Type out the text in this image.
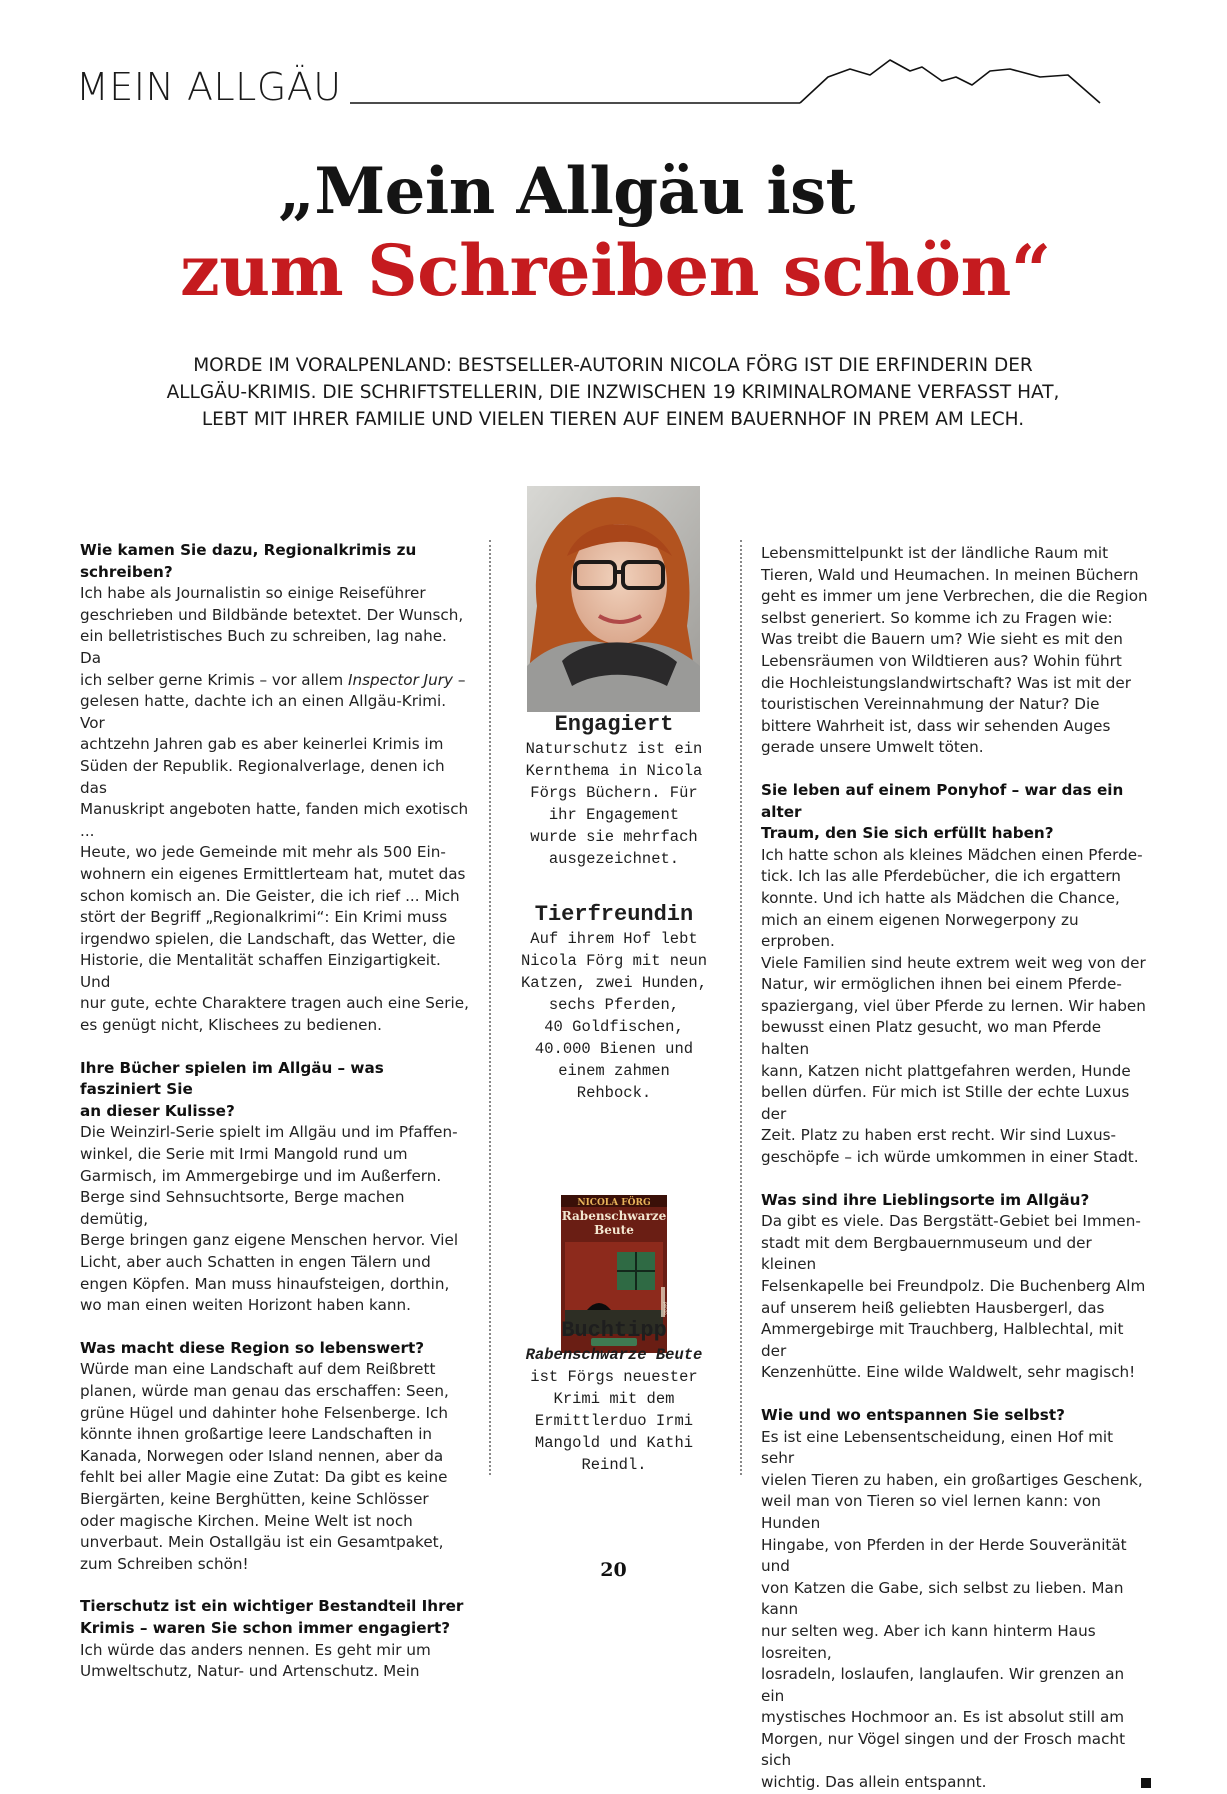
MEIN ALLGÄU
„Mein Allgäu ist
zum Schreiben schön“
MORDE IM VORALPENLAND: BESTSELLER-AUTORIN NICOLA FÖRG IST DIE ERFINDERIN DER
ALLGÄU-KRIMIS. DIE SCHRIFTSTELLERIN, DIE INZWISCHEN 19 KRIMINALROMANE VERFASST HAT,
LEBT MIT IHRER FAMILIE UND VIELEN TIEREN AUF EINEM BAUERNHOF IN PREM AM LECH.

Wie kamen Sie dazu, Regionalkrimis zu schreiben?

Ich habe als Journalistin so einige Reiseführer

geschrieben und Bildbände betextet. Der Wunsch,

ein belletristisches Buch zu schreiben, lag nahe. Da

ich selber gerne Krimis – vor allem Inspector Jury –

gelesen hatte, dachte ich an einen Allgäu-Krimi. Vor

achtzehn Jahren gab es aber keinerlei Krimis im

Süden der Republik. Regionalverlage, denen ich das

Manuskript angeboten hatte, fanden mich exotisch ...

Heute, wo jede Gemeinde mit mehr als 500 Ein-

wohnern ein eigenes Ermittlerteam hat, mutet das

schon komisch an. Die Geister, die ich rief ... Mich

stört der Begriff „Regionalkrimi“: Ein Krimi muss

irgendwo spielen, die Landschaft, das Wetter, die

Historie, die Mentalität schaffen Einzigartigkeit. Und

nur gute, echte Charaktere tragen auch eine Serie,

es genügt nicht, Klischees zu bedienen.

Ihre Bücher spielen im Allgäu – was fasziniert Sie

an dieser Kulisse?

Die Weinzirl-Serie spielt im Allgäu und im Pfaffen-

winkel, die Serie mit Irmi Mangold rund um

Garmisch, im Ammergebirge und im Außerfern.

Berge sind Sehnsuchtsorte, Berge machen demütig,

Berge bringen ganz eigene Menschen hervor. Viel

Licht, aber auch Schatten in engen Tälern und

engen Köpfen. Man muss hinaufsteigen, dorthin,

wo man einen weiten Horizont haben kann.

Was macht diese Region so lebenswert?

Würde man eine Landschaft auf dem Reißbrett

planen, würde man genau das erschaffen: Seen,

grüne Hügel und dahinter hohe Felsenberge. Ich

könnte ihnen großartige leere Landschaften in

Kanada, Norwegen oder Island nennen, aber da

fehlt bei aller Magie eine Zutat: Da gibt es keine

Biergärten, keine Berghütten, keine Schlösser

oder magische Kirchen. Meine Welt ist noch

unverbaut. Mein Ostallgäu ist ein Gesamtpaket,

zum Schreiben schön!

Tierschutz ist ein wichtiger Bestandteil Ihrer

Krimis – waren Sie schon immer engagiert?

Ich würde das anders nennen. Es geht mir um

Umweltschutz, Natur- und Artenschutz. Mein

Engagiert
Naturschutz ist ein
Kernthema in Nicola
Förgs Büchern. Für
ihr Engagement
wurde sie mehrfach
ausgezeichnet.
Tierfreundin
Auf ihrem Hof lebt
Nicola Förg mit neun
Katzen, zwei Hunden,
sechs Pferden,
40 Goldfischen,
40.000 Bienen und
einem zahmen
Rehbock.
NICOLA FÖRG
Rabenschwarze
Beute
pendo
Buchtipp
Rabenschwarze Beute
ist Förgs neuester
Krimi mit dem
Ermittlerduo Irmi
Mangold und Kathi
Reindl.

Lebensmittelpunkt ist der ländliche Raum mit

Tieren, Wald und Heumachen. In meinen Büchern

geht es immer um jene Verbrechen, die die Region

selbst generiert. So komme ich zu Fragen wie:

Was treibt die Bauern um? Wie sieht es mit den

Lebensräumen von Wildtieren aus? Wohin führt

die Hochleistungslandwirtschaft? Was ist mit der

touristischen Vereinnahmung der Natur? Die

bittere Wahrheit ist, dass wir sehenden Auges

gerade unsere Umwelt töten.

Sie leben auf einem Ponyhof – war das ein alter

Traum, den Sie sich erfüllt haben?

Ich hatte schon als kleines Mädchen einen Pferde-

tick. Ich las alle Pferdebücher, die ich ergattern

konnte. Und ich hatte als Mädchen die Chance,

mich an einem eigenen Norwegerpony zu erproben.

Viele Familien sind heute extrem weit weg von der

Natur, wir ermöglichen ihnen bei einem Pferde-

spaziergang, viel über Pferde zu lernen. Wir haben

bewusst einen Platz gesucht, wo man Pferde halten

kann, Katzen nicht plattgefahren werden, Hunde

bellen dürfen. Für mich ist Stille der echte Luxus der

Zeit. Platz zu haben erst recht. Wir sind Luxus-

geschöpfe – ich würde umkommen in einer Stadt.

Was sind ihre Lieblingsorte im Allgäu?

Da gibt es viele. Das Bergstätt-Gebiet bei Immen-

stadt mit dem Bergbauernmuseum und der kleinen

Felsenkapelle bei Freundpolz. Die Buchenberg Alm

auf unserem heiß geliebten Hausbergerl, das

Ammergebirge mit Trauchberg, Halblechtal, mit der

Kenzenhütte. Eine wilde Waldwelt, sehr magisch!

Wie und wo entspannen Sie selbst?

Es ist eine Lebensentscheidung, einen Hof mit sehr

vielen Tieren zu haben, ein großartiges Geschenk,

weil man von Tieren so viel lernen kann: von Hunden

Hingabe, von Pferden in der Herde Souveränität und

von Katzen die Gabe, sich selbst zu lieben. Man kann

nur selten weg. Aber ich kann hinterm Haus losreiten,

losradeln, loslaufen, langlaufen. Wir grenzen an ein

mystisches Hochmoor an. Es ist absolut still am

Morgen, nur Vögel singen und der Frosch macht sich

wichtig. Das allein entspannt.

20
